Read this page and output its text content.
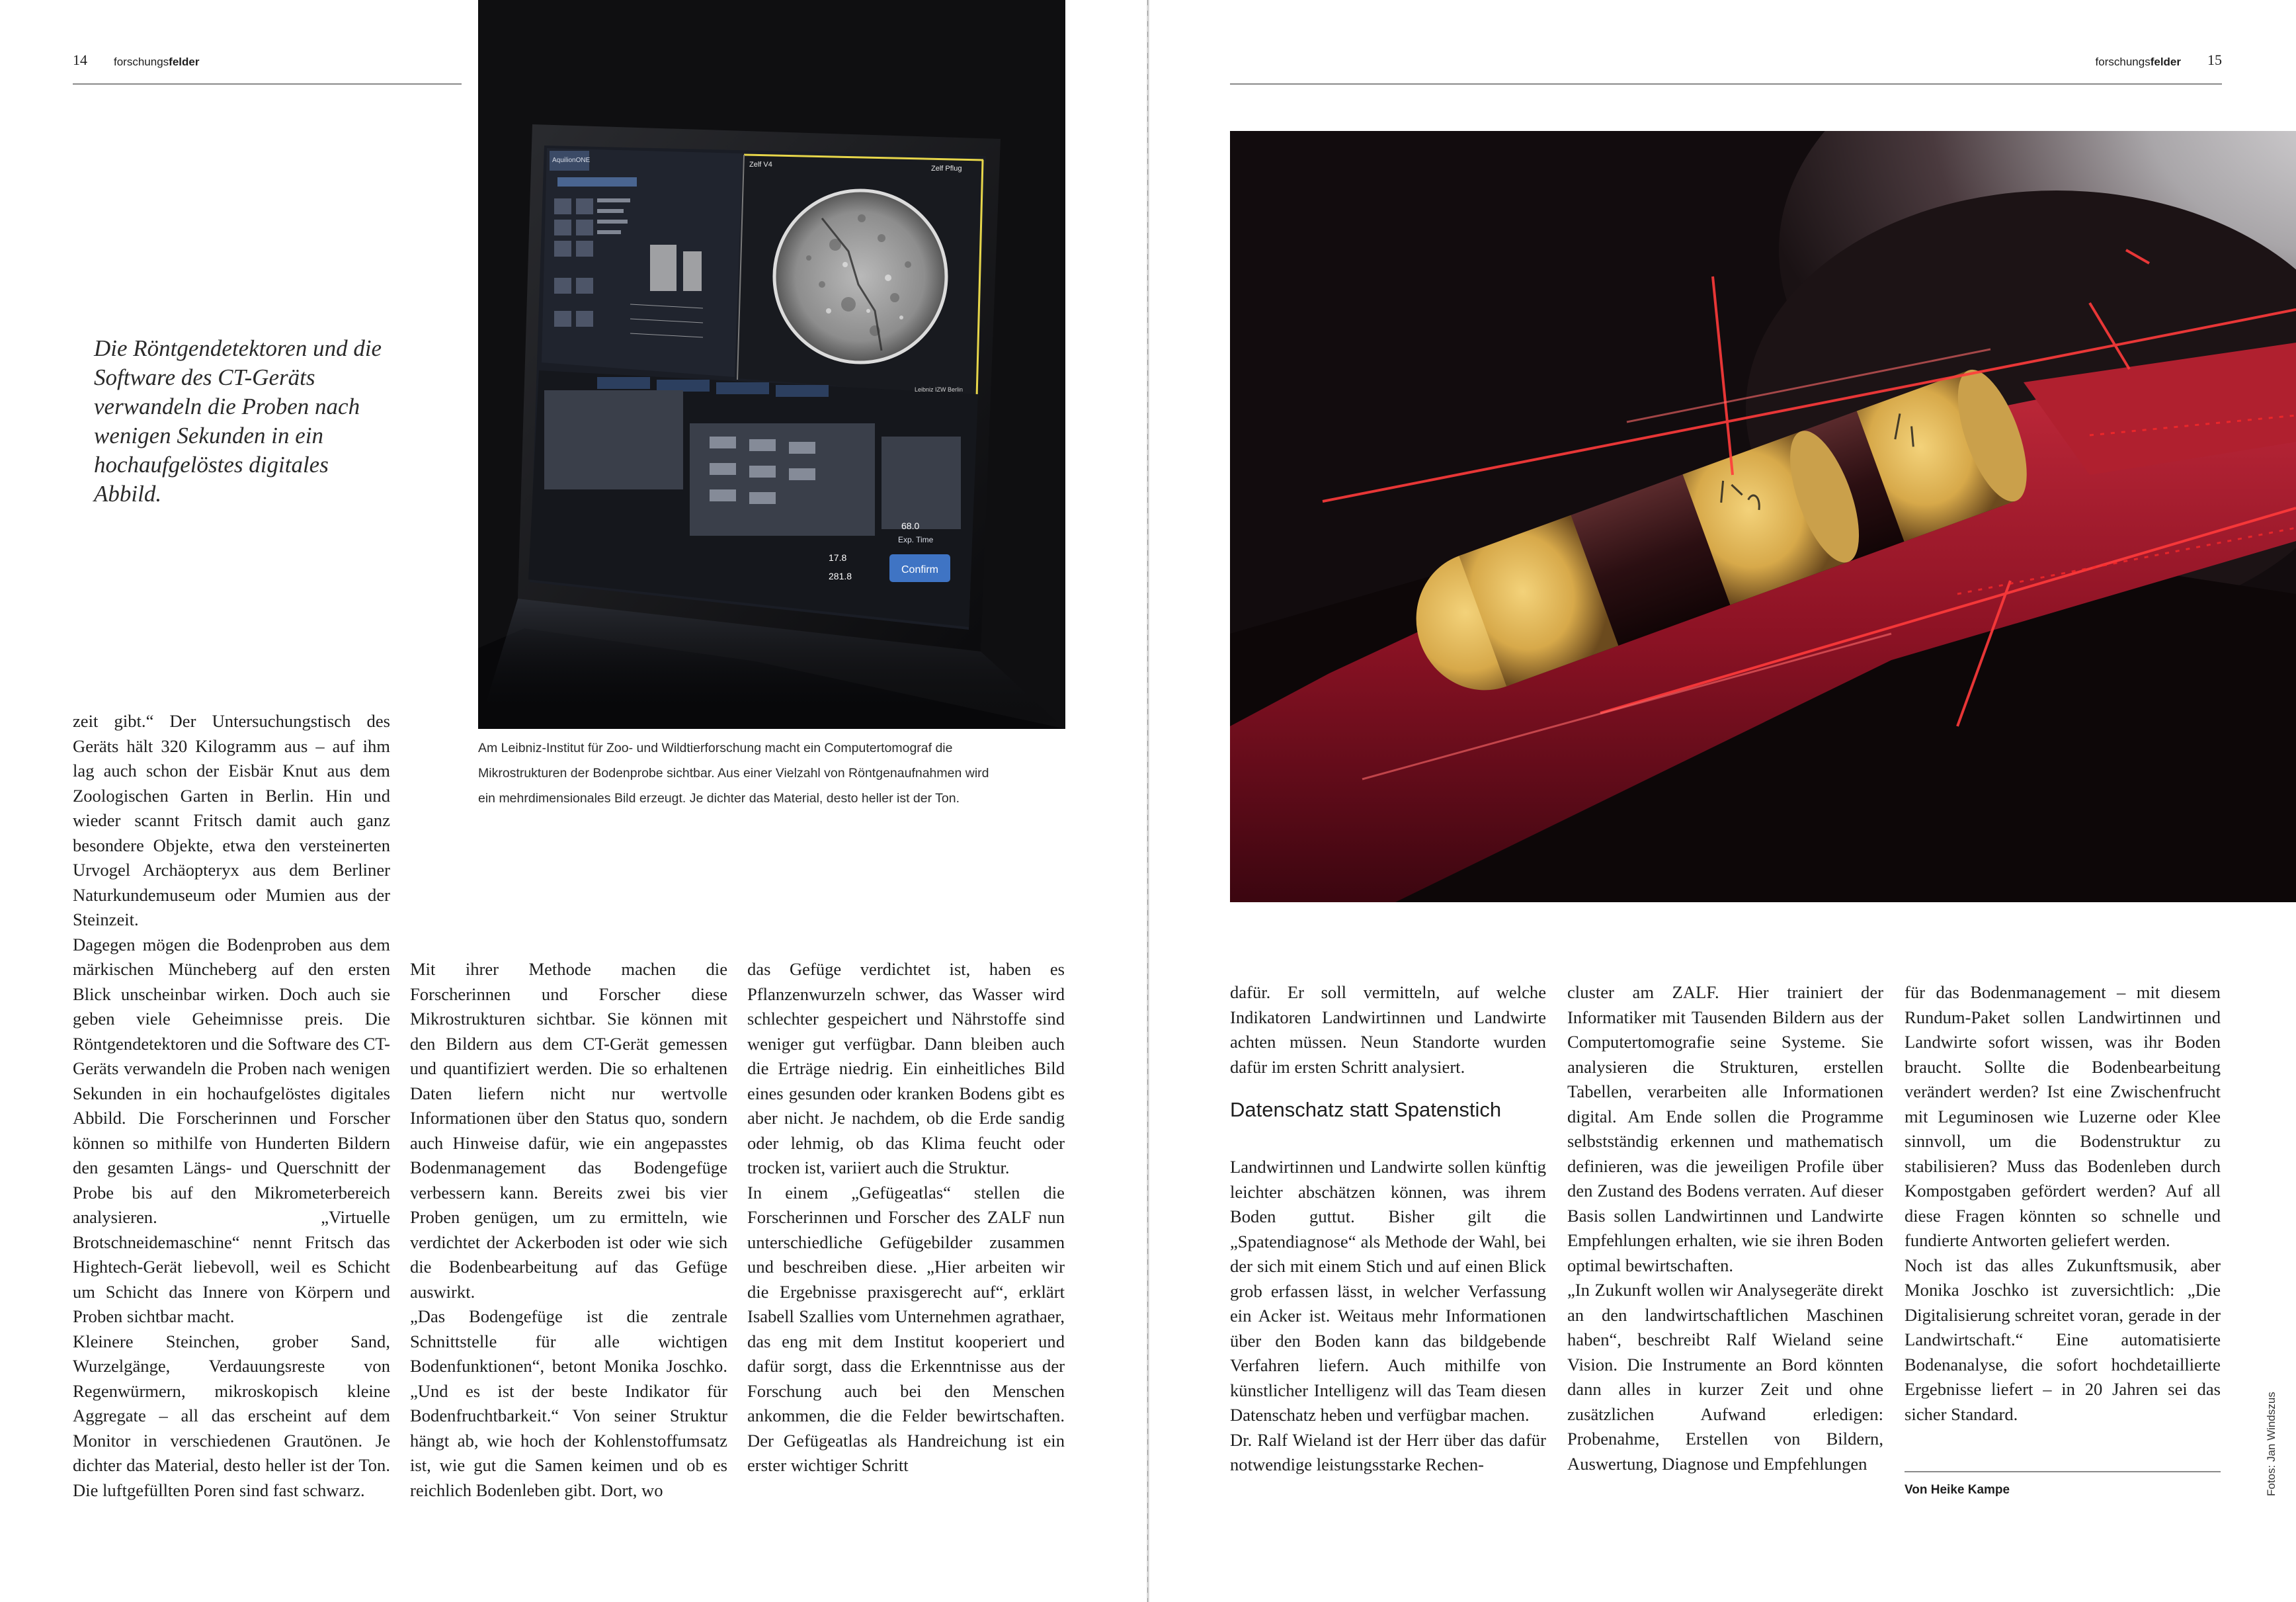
14 forschungsfelder	forschungsfelder 15
Die Röntgendetektoren und die Software des CT-Geräts verwandeln die Proben nach wenigen Sekunden in ein hochaufgelöstes digitales Abbild.
Confirm
Exp. Time
68.0
17.8
281.8
AquilionONE
Zelf V4	Zelf Pflug
Leibniz IZW Berlin
Am Leibniz-Institut für Zoo- und Wildtierforschung macht ein Computertomograf die Mikrostrukturen der Bodenprobe sichtbar. Aus einer Vielzahl von Röntgenaufnahmen wird ein mehrdimensionales Bild erzeugt. Je dichter das Material, desto heller ist der Ton.

zeit gibt.“ Der Untersuchungstisch des Geräts hält 320 Kilogramm aus – auf ihm lag auch schon der Eisbär Knut aus dem Zoologischen Garten in Berlin. Hin und wieder scannt Fritsch damit auch ganz besondere Objekte, etwa den versteinerten Urvogel Archäopteryx aus dem Berliner Naturkundemuseum oder Mumien aus der Steinzeit.

Dagegen mögen die Bodenproben aus dem märkischen Müncheberg auf den ersten Blick unscheinbar wirken. Doch auch sie geben viele Geheimnisse preis. Die Röntgendetektoren und die Software des CT-Geräts verwandeln die Proben nach wenigen Sekunden in ein hochaufgelöstes digitales Abbild. Die Forscherinnen und Forscher können so mithilfe von Hunderten Bildern den gesamten Längs- und Querschnitt der Probe bis auf den Mikrometerbereich analysieren. „Virtuelle Brotschneidemaschine“ nennt Fritsch das Hightech-Gerät liebevoll, weil es Schicht um Schicht das Innere von Körpern und Proben sichtbar macht.

Kleinere Steinchen, grober Sand, Wurzelgänge, Verdauungsreste von Regenwürmern, mikroskopisch kleine Aggregate – all das erscheint auf dem Monitor in verschiedenen Grautönen. Je dichter das Material, desto heller ist der Ton. Die luftgefüllten Poren sind fast schwarz.

Mit ihrer Methode machen die Forscherinnen und Forscher diese Mikrostrukturen sichtbar. Sie können mit den Bildern aus dem CT-Gerät gemessen und quantifiziert werden. Die so erhaltenen Daten liefern nicht nur wertvolle Informationen über den Status quo, sondern auch Hinweise dafür, wie ein angepasstes Bodenmanagement das Bodengefüge verbessern kann. Bereits zwei bis vier Proben genügen, um zu ermitteln, wie verdichtet der Ackerboden ist oder wie sich die Bodenbearbeitung auf das Gefüge auswirkt.

„Das Bodengefüge ist die zentrale Schnittstelle für alle wichtigen Bodenfunktionen“, betont Monika Joschko. „Und es ist der beste Indikator für Bodenfruchtbarkeit.“ Von seiner Struktur hängt ab, wie hoch der Kohlenstoffumsatz ist, wie gut die Samen keimen und ob es reichlich Bodenleben gibt. Dort, wo

das Gefüge verdichtet ist, haben es Pflanzenwurzeln schwer, das Wasser wird schlechter gespeichert und Nährstoffe sind weniger gut verfügbar. Dann bleiben auch die Erträge niedrig. Ein einheitliches Bild eines gesunden oder kranken Bodens gibt es aber nicht. Je nachdem, ob die Erde sandig oder lehmig, ob das Klima feucht oder trocken ist, variiert auch die Struktur.

In einem „Gefügeatlas“ stellen die Forscherinnen und Forscher des ZALF nun unterschiedliche Gefügebilder zusammen und beschreiben diese. „Hier arbeiten wir die Ergebnisse praxisgerecht auf“, erklärt Isabell Szallies vom Unternehmen agrathaer, das eng mit dem Institut kooperiert und dafür sorgt, dass die Erkenntnisse aus der Forschung auch bei den Menschen ankommen, die die Felder bewirtschaften. Der Gefügeatlas als Handreichung ist ein erster wichtiger Schritt

dafür. Er soll vermitteln, auf welche Indikatoren Landwirtinnen und Landwirte achten müssen. Neun Standorte wurden dafür im ersten Schritt analysiert.

Datenschatz statt Spatenstich

Landwirtinnen und Landwirte sollen künftig leichter abschätzen können, was ihrem Boden guttut. Bisher gilt die „Spatendiagnose“ als Methode der Wahl, bei der sich mit einem Stich und auf einen Blick grob erfassen lässt, in welcher Verfassung ein Acker ist. Weitaus mehr Informationen über den Boden kann das bildgebende Verfahren liefern. Auch mithilfe von künstlicher Intelligenz will das Team diesen Datenschatz heben und verfügbar machen.

Dr. Ralf Wieland ist der Herr über das dafür notwendige leistungsstarke Rechen-

cluster am ZALF. Hier trainiert der Informatiker mit Tausenden Bildern aus der Computertomografie seine Systeme. Sie analysieren die Strukturen, erstellen Tabellen, verarbeiten alle Informationen digital. Am Ende sollen die Programme selbstständig erkennen und mathematisch definieren, was die jeweiligen Profile über den Zustand des Bodens verraten. Auf dieser Basis sollen Landwirtinnen und Landwirte Empfehlungen erhalten, wie sie ihren Boden optimal bewirtschaften.

„In Zukunft wollen wir Analysegeräte direkt an den landwirtschaftlichen Maschinen haben“, beschreibt Ralf Wieland seine Vision. Die Instrumente an Bord könnten dann alles in kurzer Zeit und ohne zusätzlichen Aufwand erledigen: Probenahme, Erstellen von Bildern, Auswertung, Diagnose und Empfehlungen

für das Bodenmanagement – mit diesem Rundum-Paket sollen Landwirtinnen und Landwirte sofort wissen, was ihr Boden braucht. Sollte die Bodenbearbeitung verändert werden? Ist eine Zwischenfrucht mit Leguminosen wie Luzerne oder Klee sinnvoll, um die Bodenstruktur zu stabilisieren? Muss das Bodenleben durch Kompostgaben gefördert werden? Auf all diese Fragen könnten so schnelle und fundierte Antworten geliefert werden.

Noch ist das alles Zukunftsmusik, aber Monika Joschko ist zuversichtlich: „Die Digitalisierung schreitet voran, gerade in der Landwirtschaft.“ Eine automatisierte Bodenanalyse, die sofort hochdetaillierte Ergebnisse liefert – in 20 Jahren sei das sicher Standard.

Von Heike Kampe	Fotos: Jan Windszus
